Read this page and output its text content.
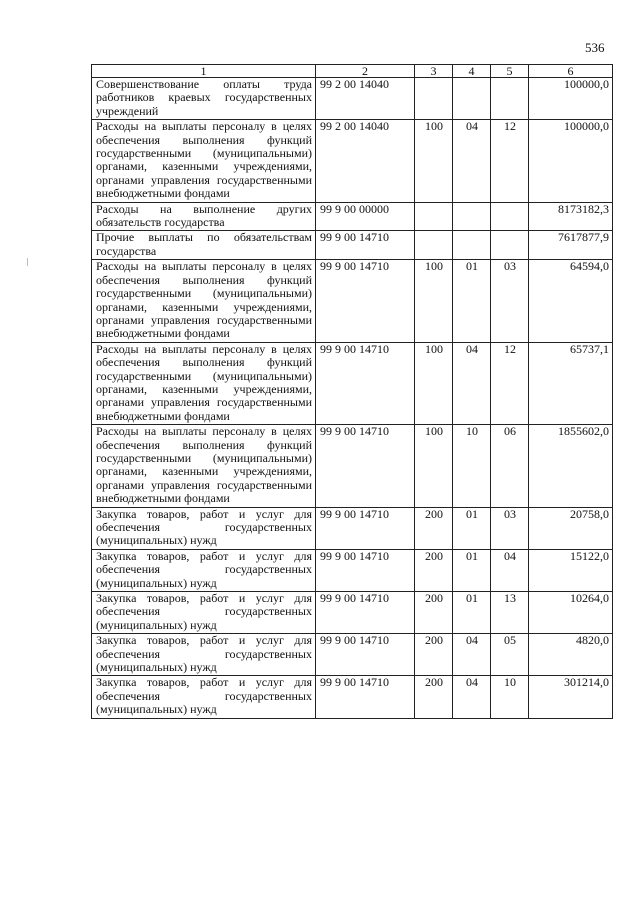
536
1	2	3	4	5	6
Совершенствование оплаты труда работников краевых государственных учреждений	99 2 00 14040				100000,0
Расходы на выплаты персоналу в целях обеспечения выполнения функций государственными (муниципальными) органами, казенными учреждениями, органами управления государственными внебюджетными фондами	99 2 00 14040	100	04	12	100000,0
Расходы на выполнение других обязательств государства	99 9 00 00000				8173182,3
Прочие выплаты по обязательствам государства	99 9 00 14710				7617877,9
Расходы на выплаты персоналу в целях обеспечения выполнения функций государственными (муниципальными) органами, казенными учреждениями, органами управления государственными внебюджетными фондами	99 9 00 14710	100	01	03	64594,0
Расходы на выплаты персоналу в целях обеспечения выполнения функций государственными (муниципальными) органами, казенными учреждениями, органами управления государственными внебюджетными фондами	99 9 00 14710	100	04	12	65737,1
Расходы на выплаты персоналу в целях обеспечения выполнения функций государственными (муниципальными) органами, казенными учреждениями, органами управления государственными внебюджетными фондами	99 9 00 14710	100	10	06	1855602,0
Закупка товаров, работ и услуг для обеспечения государственных (муниципальных) нужд	99 9 00 14710	200	01	03	20758,0
Закупка товаров, работ и услуг для обеспечения государственных (муниципальных) нужд	99 9 00 14710	200	01	04	15122,0
Закупка товаров, работ и услуг для обеспечения государственных (муниципальных) нужд	99 9 00 14710	200	01	13	10264,0
Закупка товаров, работ и услуг для обеспечения государственных (муниципальных) нужд	99 9 00 14710	200	04	05	4820,0
Закупка товаров, работ и услуг для обеспечения государственных (муниципальных) нужд	99 9 00 14710	200	04	10	301214,0
